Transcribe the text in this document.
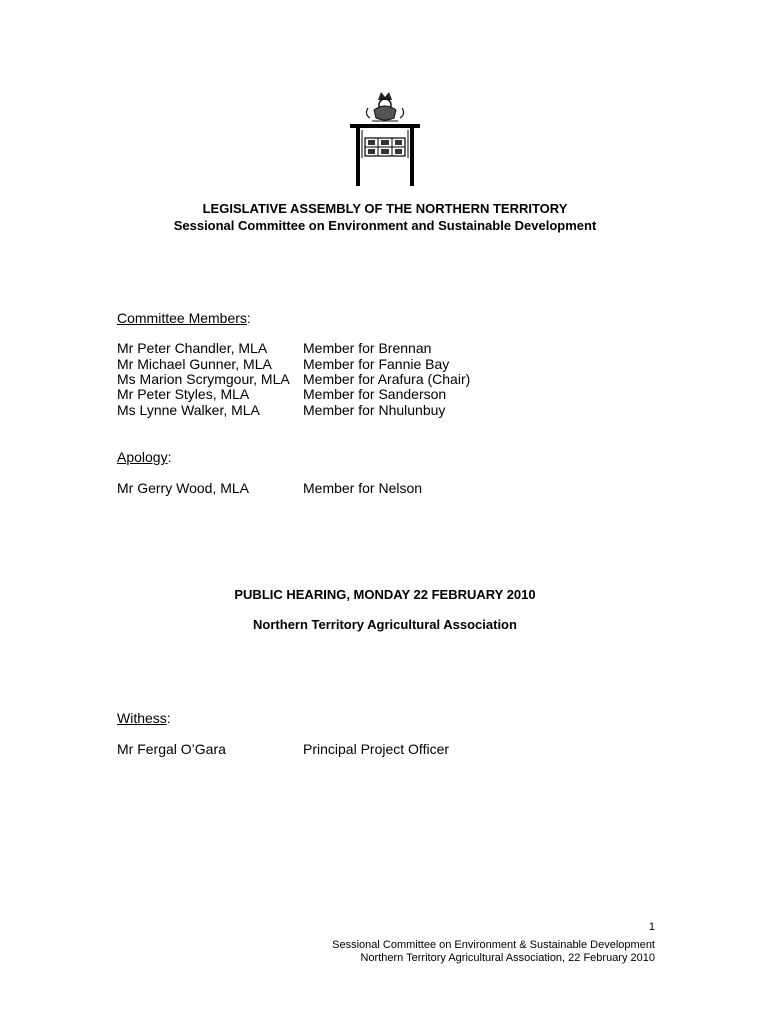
LEGISLATIVE ASSEMBLY OF THE NORTHERN TERRITORY
Sessional Committee on Environment and Sustainable Development
Committee Members:
Mr Peter Chandler, MLA	Member for Brennan
Mr Michael Gunner, MLA Member for Fannie Bay
Ms Marion Scrymgour, MLA Member for Arafura (Chair)
Mr Peter Styles, MLA	Member for Sanderson
Ms Lynne Walker, MLA	Member for Nhulunbuy
Apology:
Mr Gerry Wood, MLA	Member for Nelson
PUBLIC HEARING, MONDAY 22 FEBRUARY 2010
Northern Territory Agricultural Association
Withess:
Mr Fergal O’Gara	Principal Project Officer
1
Sessional Committee on Environment & Sustainable Development
Northern Territory Agricultural Association, 22 February 2010
